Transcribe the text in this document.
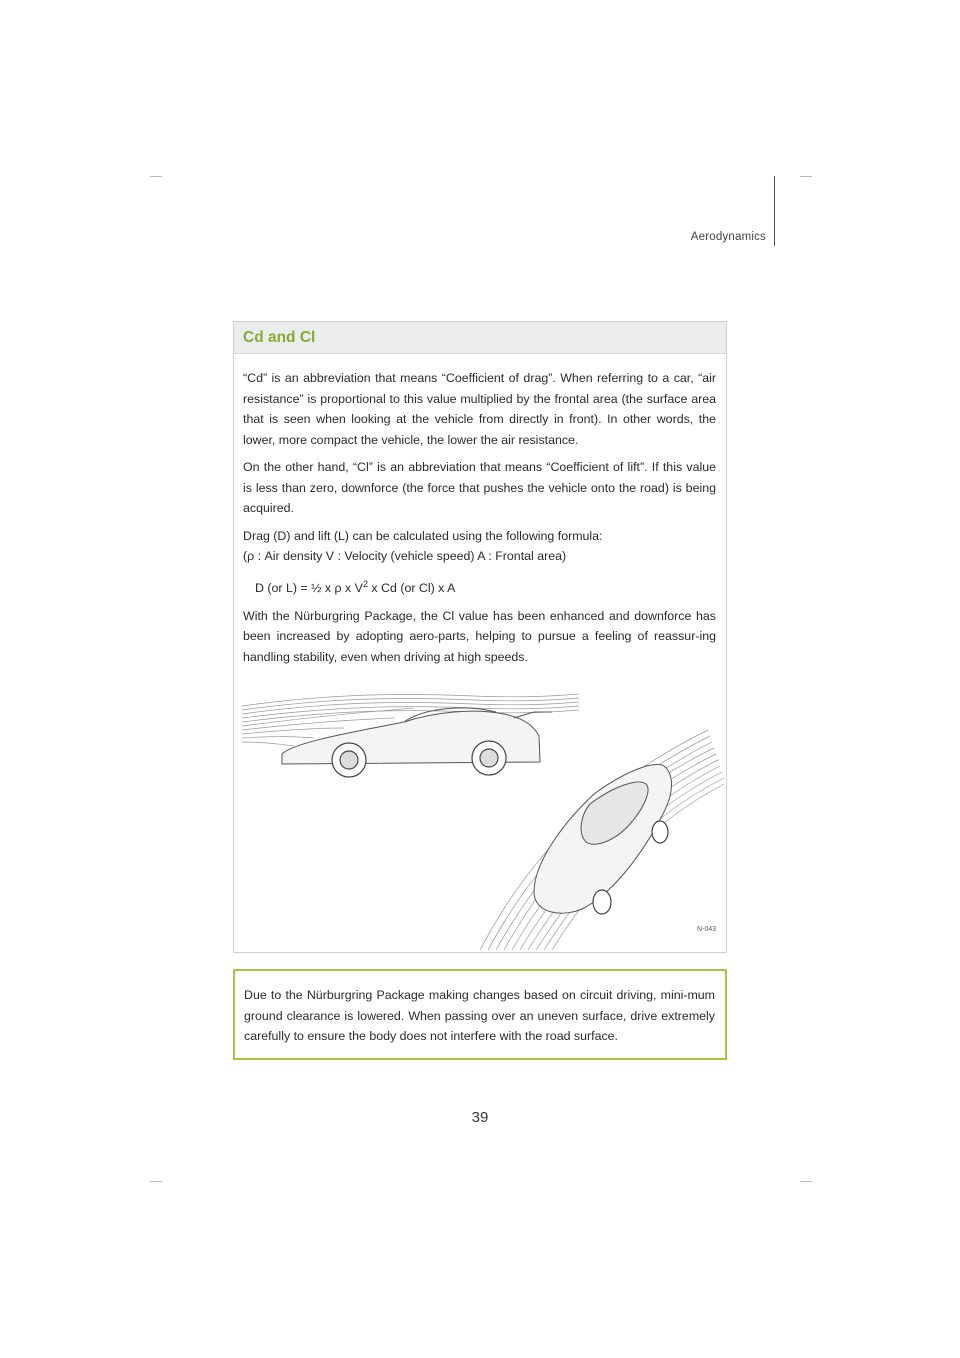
Aerodynamics
Cd and Cl

“Cd” is an abbreviation that means “Coefficient of drag”. When referring to a car, “air resistance” is proportional to this value multiplied by the frontal area (the surface area that is seen when looking at the vehicle from directly in front). In other words, the lower, more compact the vehicle, the lower the air resistance.

On the other hand, “Cl” is an abbreviation that means “Coefficient of lift”. If this value is less than zero, downforce (the force that pushes the vehicle onto the road) is being acquired.

Drag (D) and lift (L) can be calculated using the following formula:

(ρ : Air density V : Velocity (vehicle speed) A : Frontal area)

D (or L) = ½ x ρ x $V^2$ x Cd (or Cl) x A

With the Nürburgring Package, the Cl value has been enhanced and downforce has been increased by adopting aero-parts, helping to pursue a feeling of reassur-ing handling stability, even when driving at high speeds.

N-043

Due to the Nürburgring Package making changes based on circuit driving, mini-mum ground clearance is lowered. When passing over an uneven surface, drive extremely carefully to ensure the body does not interfere with the road surface.

39
